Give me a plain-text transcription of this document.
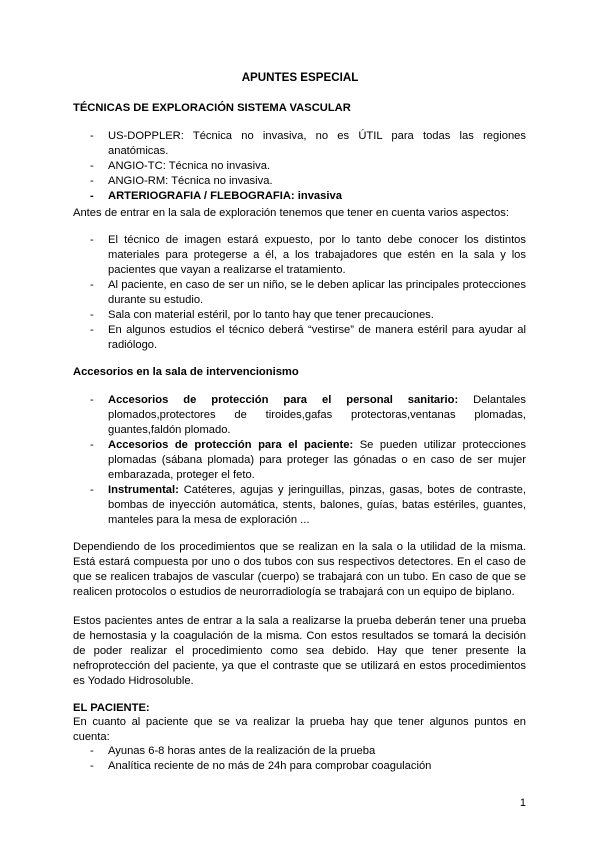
APUNTES ESPECIAL
TÉCNICAS DE EXPLORACIÓN SISTEMA VASCULAR
- US-DOPPLER: Técnica no invasiva, no es ÚTIL para todas las regiones anatómicas.
- ANGIO-TC: Técnica no invasiva.
- ANGIO-RM: Técnica no invasiva.
- ARTERIOGRAFIA / FLEBOGRAFIA: invasiva
Antes de entrar en la sala de exploración tenemos que tener en cuenta varios aspectos:
- El técnico de imagen estará expuesto, por lo tanto debe conocer los distintos materiales para protegerse a él, a los trabajadores que estén en la sala y los pacientes que vayan a realizarse el tratamiento.
- Al paciente, en caso de ser un niño, se le deben aplicar las principales protecciones durante su estudio.
- Sala con material estéril, por lo tanto hay que tener precauciones.
- En algunos estudios el técnico deberá “vestirse” de manera estéril para ayudar al radiólogo.
Accesorios en la sala de intervencionismo
- Accesorios de protección para el personal sanitario: Delantales plomados,protectores de tiroides,gafas protectoras,ventanas plomadas, guantes,faldón plomado.
- Accesorios de protección para el paciente: Se pueden utilizar protecciones plomadas (sábana plomada) para proteger las gónadas o en caso de ser mujer embarazada, proteger el feto.
- Instrumental: Catéteres, agujas y jeringuillas, pinzas, gasas, botes de contraste, bombas de inyección automática, stents, balones, guías, batas estériles, guantes, manteles para la mesa de exploración ...
Dependiendo de los procedimientos que se realizan en la sala o la utilidad de la misma. Está estará compuesta por uno o dos tubos con sus respectivos detectores. En el caso de que se realicen trabajos de vascular (cuerpo) se trabajará con un tubo. En caso de que se realicen protocolos o estudios de neurorradiología se trabajará con un equipo de biplano.
Estos pacientes antes de entrar a la sala a realizarse la prueba deberán tener una prueba de hemostasia y la coagulación de la misma. Con estos resultados se tomará la decisión de poder realizar el procedimiento como sea debido. Hay que tener presente la nefroprotección del paciente, ya que el contraste que se utilizará en estos procedimientos es Yodado Hidrosoluble.
EL PACIENTE:
En cuanto al paciente que se va realizar la prueba hay que tener algunos puntos en cuenta:
- Ayunas 6-8 horas antes de la realización de la prueba
- Analítica reciente de no más de 24h para comprobar coagulación
1
